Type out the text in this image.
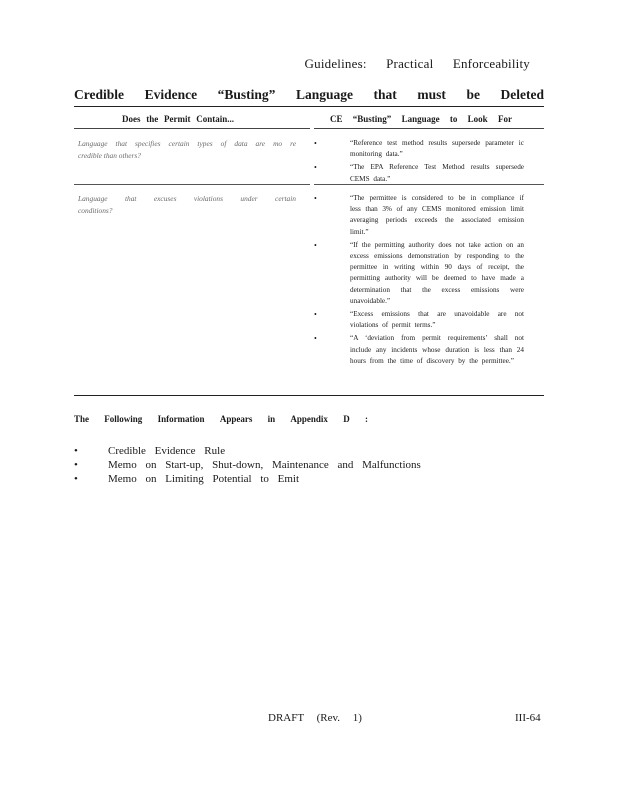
Guidelines: Practical Enforceability
Credible Evidence “Busting” Language that must be Deleted
Does the Permit Contain...	CE “Busting” Language to Look For
Language that specifies certain types of data are mo re
credible than others?
•	“Reference test method results supersede parameter ic monitoring data.”
•	“The EPA Reference Test Method results supersede CEMS data.”
Language that excuses violations under certain
conditions?
•	“The permittee is considered to be in compliance if less than 3% of any CEMS monitored emission limit averaging periods exceeds the associated emission limit.”
•	“If the permitting authority does not take action on an excess emissions demonstration by responding to the permittee in writing within 90 days of receipt, the permitting authority will be deemed to have made a determination that the excess emissions were unavoidable.”
•	“Excess emissions that are unavoidable are not violations of permit terms.”
•	“A ‘deviation from permit requirements’ shall not include any incidents whose duration is less than 24 hours from the time of discovery by the permittee.”
The Following Information Appears in Appendix D :
•	Credible Evidence Rule
•	Memo on Start-up, Shut-down, Maintenance and Malfunctions
•	Memo on Limiting Potential to Emit
DRAFT (Rev. 1)	III-64
